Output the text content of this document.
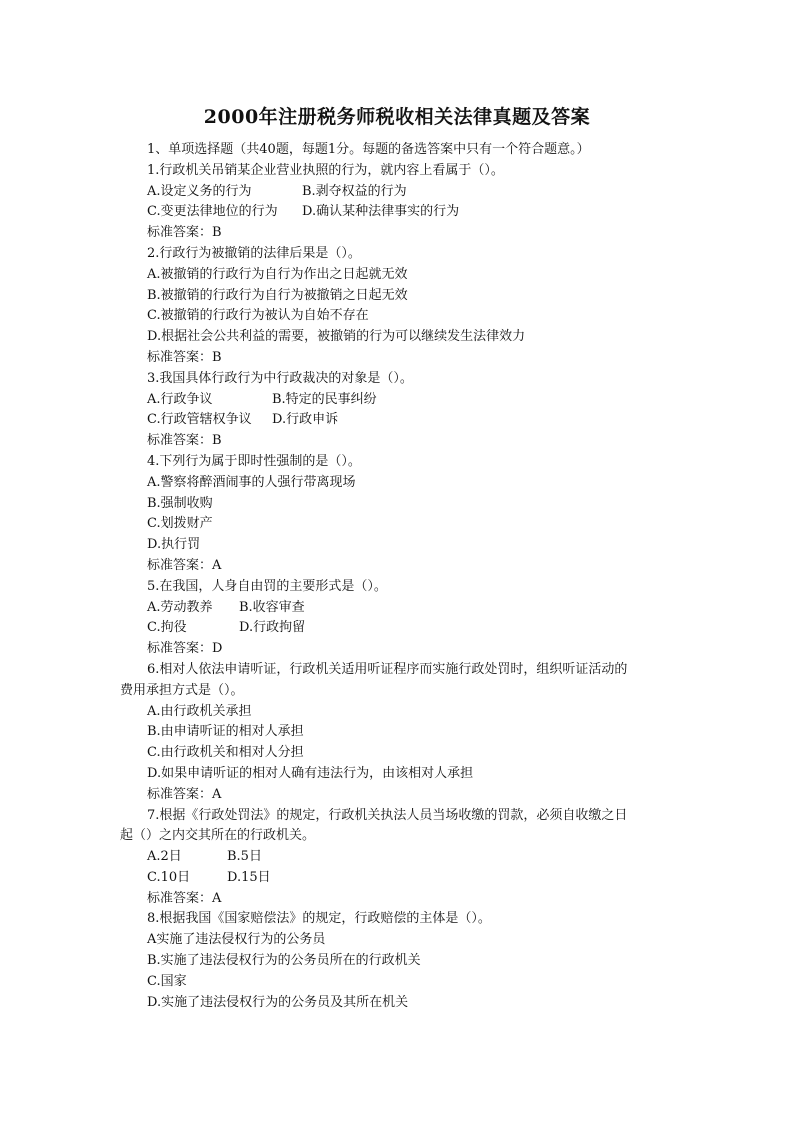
2000年注册税务师税收相关法律真题及答案
1、单项选择题（共40题，每题1分。每题的备选答案中只有一个符合题意。）
1.行政机关吊销某企业营业执照的行为，就内容上看属于（）。
A.设定义务的行为	B.剥夺权益的行为
C.变更法律地位的行为 D.确认某种法律事实的行为
标准答案：B
2.行政行为被撤销的法律后果是（）。
A.被撤销的行政行为自行为作出之日起就无效
B.被撤销的行政行为自行为被撤销之日起无效
C.被撤销的行政行为被认为自始不存在
D.根据社会公共利益的需要，被撤销的行为可以继续发生法律效力
标准答案：B
3.我国具体行政行为中行政裁决的对象是（）。
A.行政争议	B.特定的民事纠纷
C.行政管辖权争议 D.行政申诉
标准答案：B
4.下列行为属于即时性强制的是（）。
A.警察将醉酒闹事的人强行带离现场
B.强制收购
C.划拨财产
D.执行罚
标准答案：A
5.在我国，人身自由罚的主要形式是（）。
A.劳动教养 B.收容审查
C.拘役	D.行政拘留
标准答案：D
6.相对人依法申请听证，行政机关适用听证程序而实施行政处罚时，组织听证活动的
费用承担方式是（）。
A.由行政机关承担
B.由申请听证的相对人承担
C.由行政机关和相对人分担
D.如果申请听证的相对人确有违法行为，由该相对人承担
标准答案：A
7.根据《行政处罚法》的规定，行政机关执法人员当场收缴的罚款，必须自收缴之日
起（）之内交其所在的行政机关。
A.2日	B.5日
C.10日	D.15日
标准答案：A
8.根据我国《国家赔偿法》的规定，行政赔偿的主体是（）。
A实施了违法侵权行为的公务员
B.实施了违法侵权行为的公务员所在的行政机关
C.国家
D.实施了违法侵权行为的公务员及其所在机关
